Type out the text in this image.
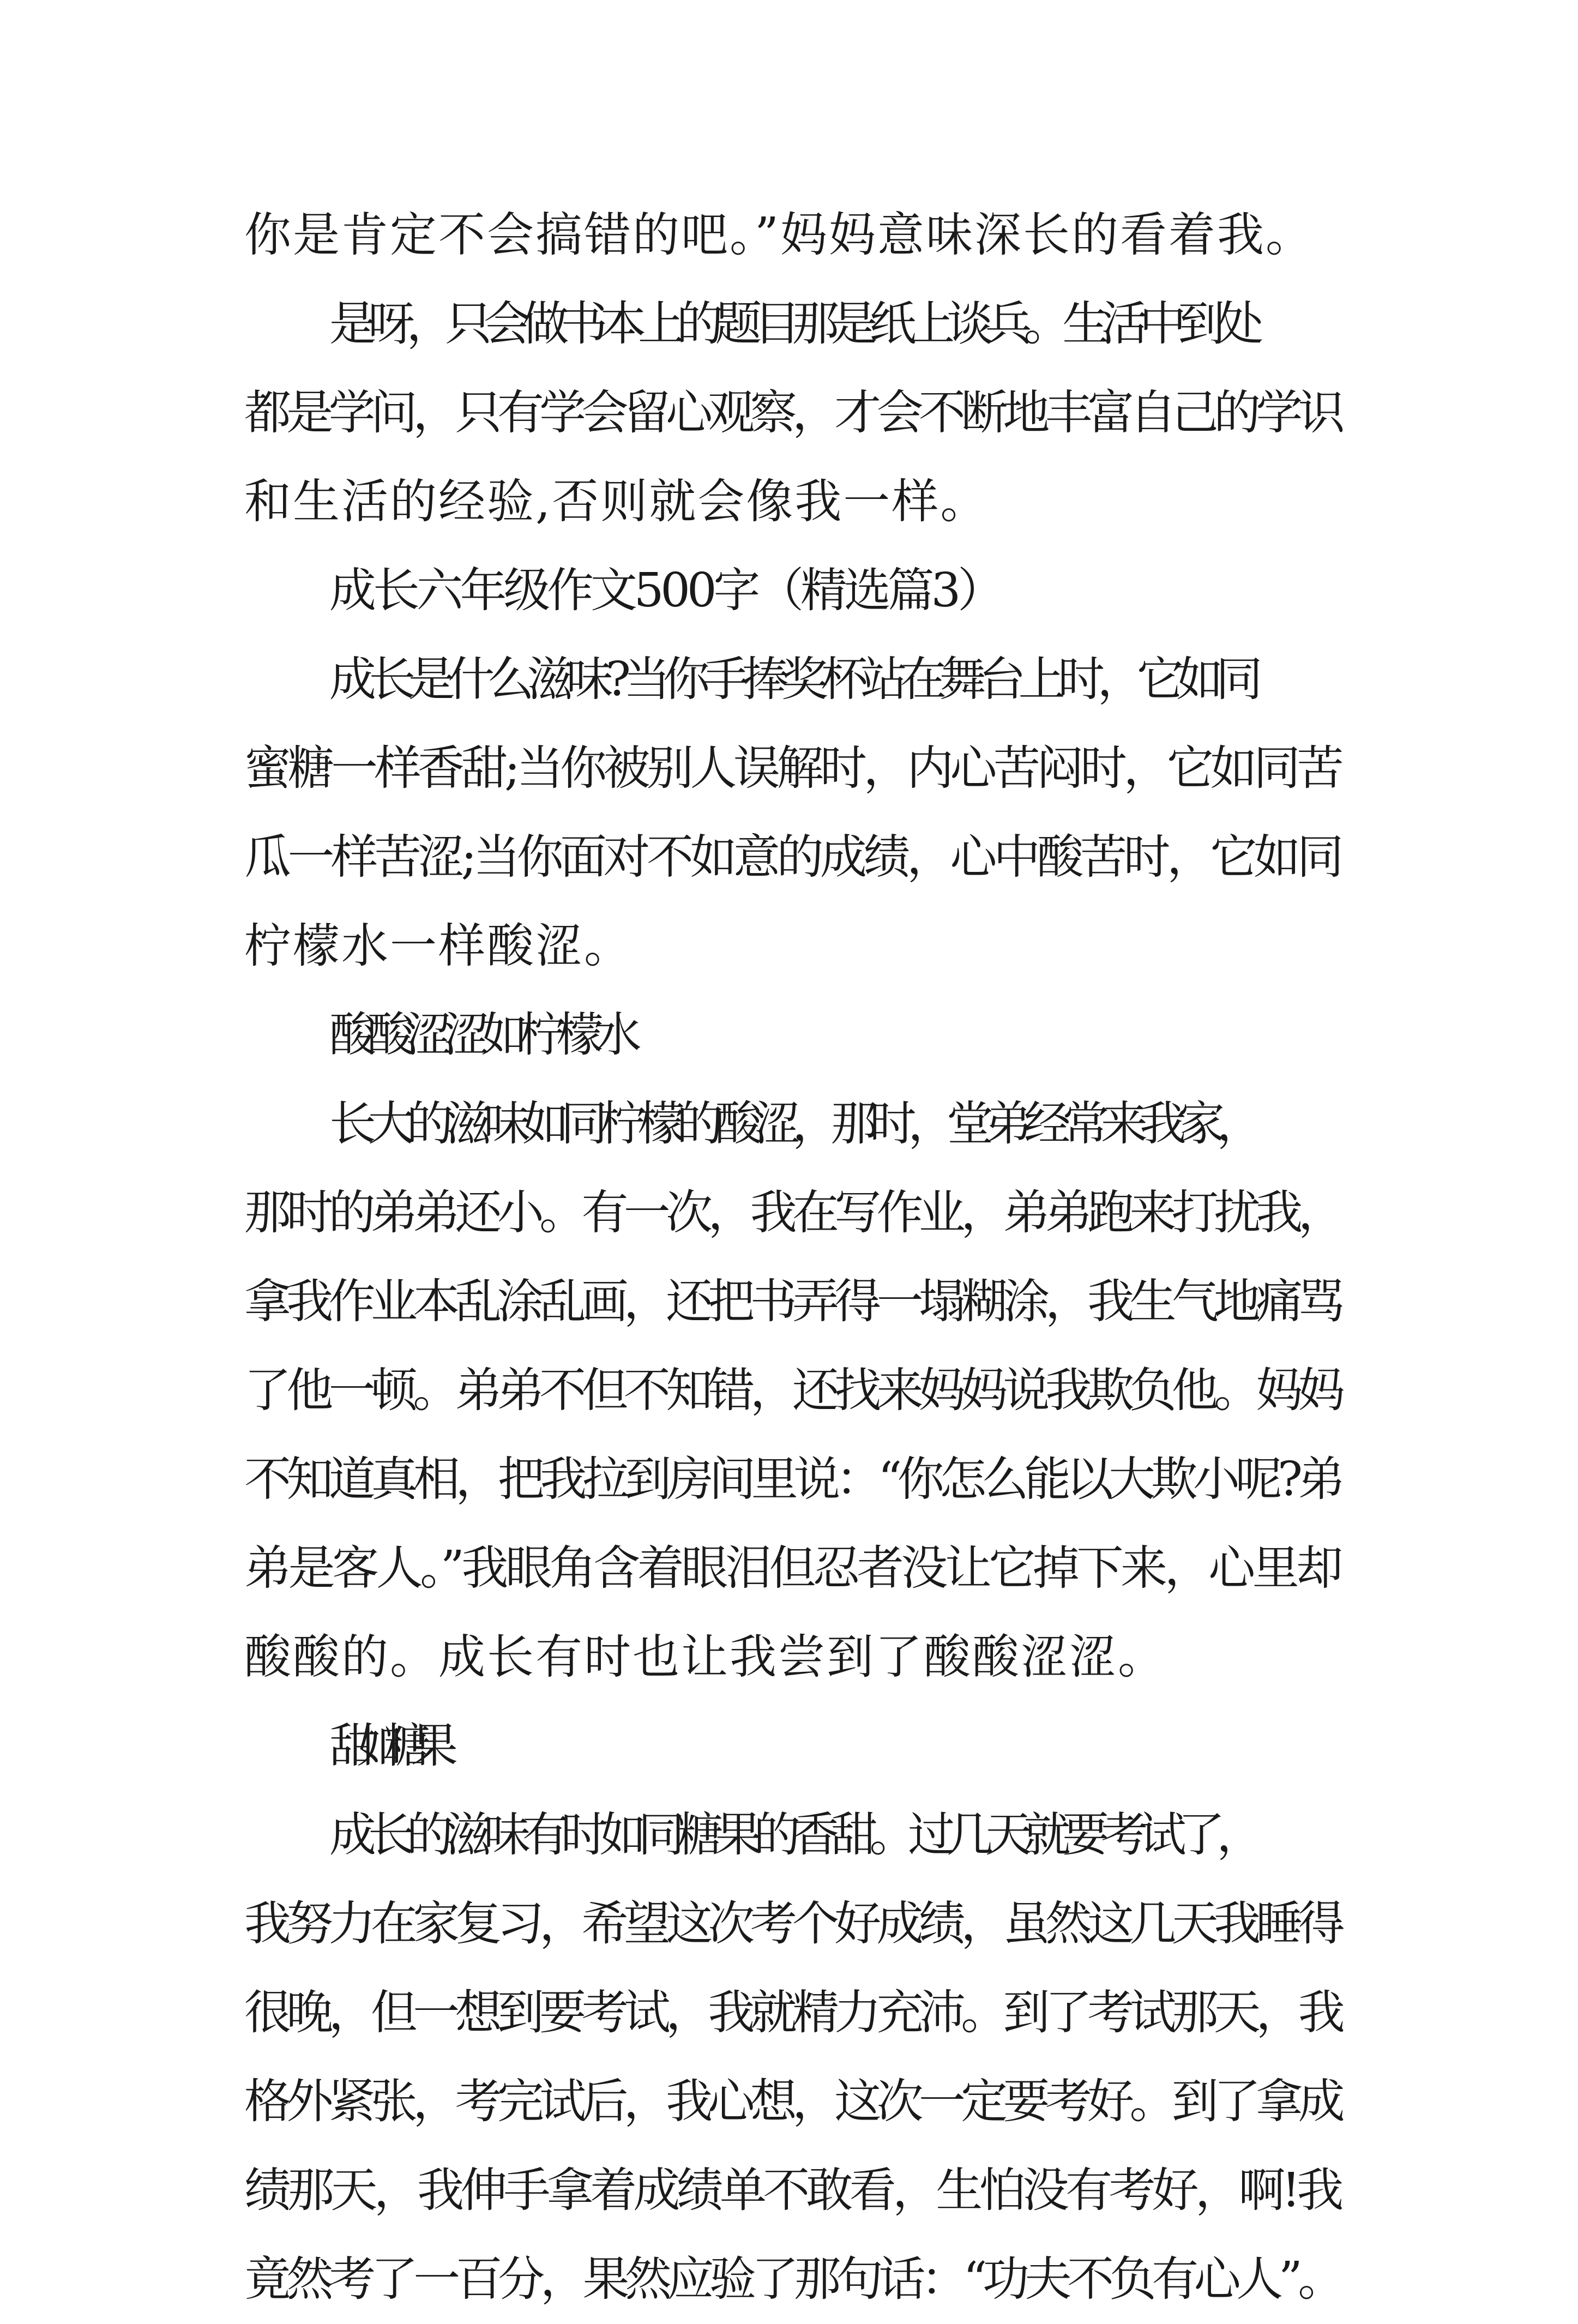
你是肯定不会搞错的吧。”妈妈意味深长的看着我。
是呀，只会做书本上的题目那是纸上谈兵。生活中到处
都是学问，只有学会留心观察，才会不断地丰富自己的学识
和生活的经验,否则就会像我一样。
成长六年级作文500字（精选篇3）
成长是什么滋味?当你手捧奖杯站在舞台上时，它如同
蜜糖一样香甜;当你被别人误解时，内心苦闷时，它如同苦
瓜一样苦涩;当你面对不如意的成绩，心中酸苦时，它如同
柠檬水一样酸涩。
酸酸涩涩如柠檬水
长大的滋味如同柠檬的酸涩，那时，堂弟经常来我家，
那时的弟弟还小。有一次，我在写作业，弟弟跑来打扰我，
拿我作业本乱涂乱画，还把书弄得一塌糊涂，我生气地痛骂
了他一顿。弟弟不但不知错，还找来妈妈说我欺负他。妈妈
不知道真相，把我拉到房间里说：“你怎么能以大欺小呢?弟
弟是客人。”我眼角含着眼泪但忍者没让它掉下来，心里却
酸酸的。成长有时也让我尝到了酸酸涩涩。
甜如糖果
成长的滋味有时如同糖果的香甜。过几天就要考试了，
我努力在家复习，希望这次考个好成绩，虽然这几天我睡得
很晚，但一想到要考试，我就精力充沛。到了考试那天，我
格外紧张，考完试后，我心想，这次一定要考好。到了拿成
绩那天，我伸手拿着成绩单不敢看，生怕没有考好，啊!我
竟然考了一百分，果然应验了那句话：“功夫不负有心人”。
